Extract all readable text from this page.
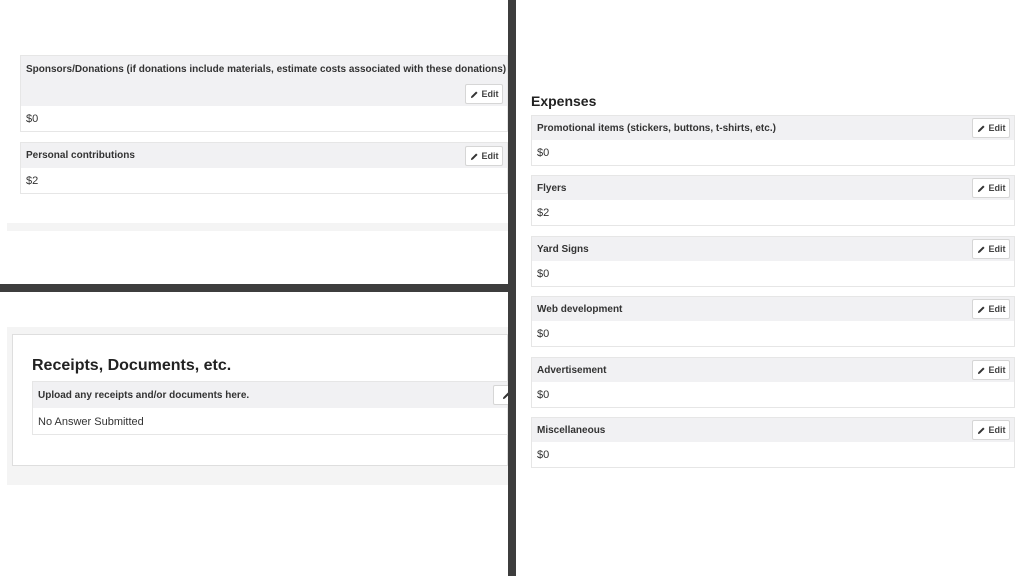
Sponsors/Donations (if donations include materials, estimate costs associated with these donations)
Edit
$0
Personal contributions	Edit
$2
Receipts, Documents, etc.
Upload any receipts and/or documents here.
No Answer Submitted
Expenses
Promotional items (stickers, buttons, t-shirts, etc.)	Edit
$0
Flyers	Edit
$2
Yard Signs	Edit
$0
Web development	Edit
$0
Advertisement	Edit
$0
Miscellaneous	Edit
$0
